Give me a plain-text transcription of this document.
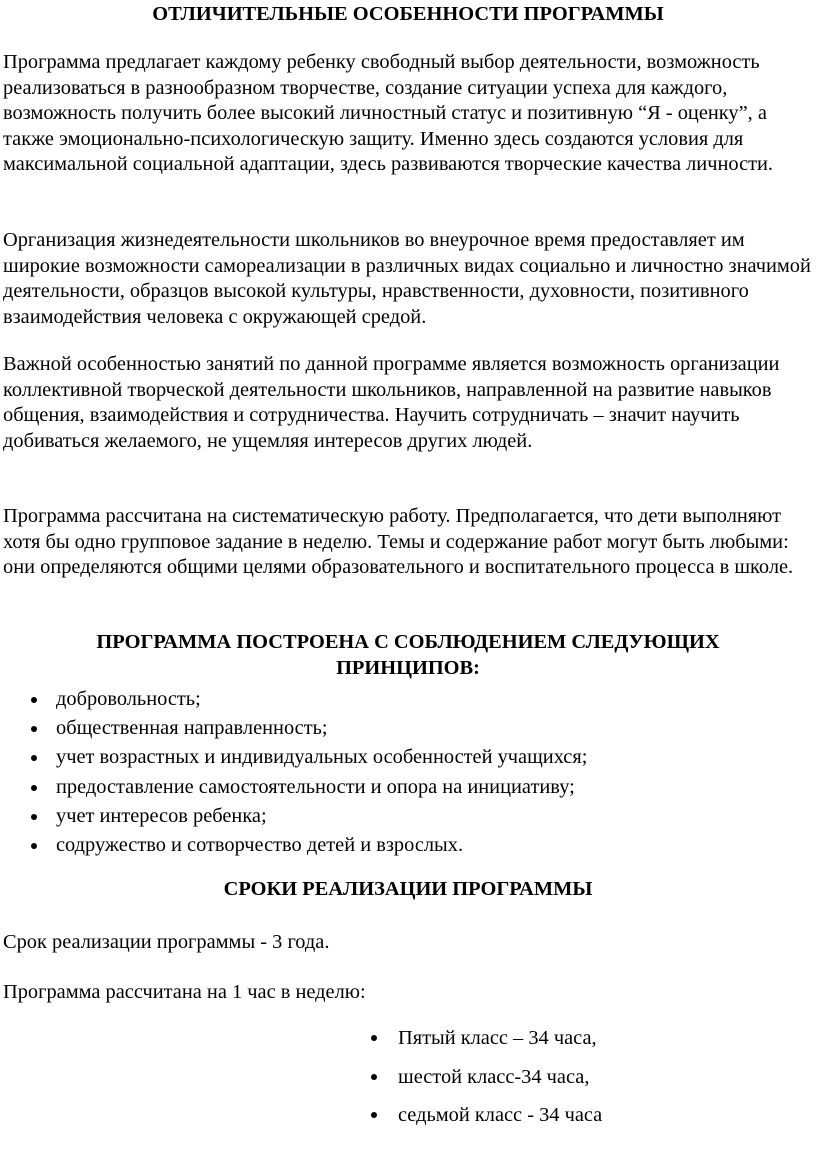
ОТЛИЧИТЕЛЬНЫЕ ОСОБЕННОСТИ ПРОГРАММЫ

Программа предлагает каждому ребенку свободный выбор деятельности, возможность реализоваться в разнообразном творчестве, создание ситуации успеха для каждого, возможность получить более высокий личностный статус и позитивную “Я - оценку”, а также эмоционально-психологическую защиту. Именно здесь создаются условия для максимальной социальной адаптации, здесь развиваются творческие качества личности.

Организация жизнедеятельности школьников во внеурочное время предоставляет им широкие возможности самореализации в различных видах социально и личностно значимой деятельности, образцов высокой культуры, нравственности, духовности, позитивного взаимодействия человека с окружающей средой.

Важной особенностью занятий по данной программе является возможность организации коллективной творческой деятельности школьников, направленной на развитие навыков общения, взаимодействия и сотрудничества. Научить сотрудничать – значит научить добиваться желаемого, не ущемляя интересов других людей.

Программа рассчитана на систематическую работу. Предполагается, что дети выполняют хотя бы одно групповое задание в неделю. Темы и содержание работ могут быть любыми: они определяются общими целями образовательного и воспитательного процесса в школе.

ПРОГРАММА ПОСТРОЕНА С СОБЛЮДЕНИЕМ СЛЕДУЮЩИХ ПРИНЦИПОВ:
добровольность;
общественная направленность;
учет возрастных и индивидуальных особенностей учащихся;
предоставление самостоятельности и опора на инициативу;
учет интересов ребенка;
содружество и сотворчество детей и взрослых.
СРОКИ РЕАЛИЗАЦИИ ПРОГРАММЫ

Срок реализации программы - 3 года.

Программа рассчитана на 1 час в неделю:

Пятый класс – 34 часа,
шестой класс-34 часа,
седьмой класс - 34 часа
